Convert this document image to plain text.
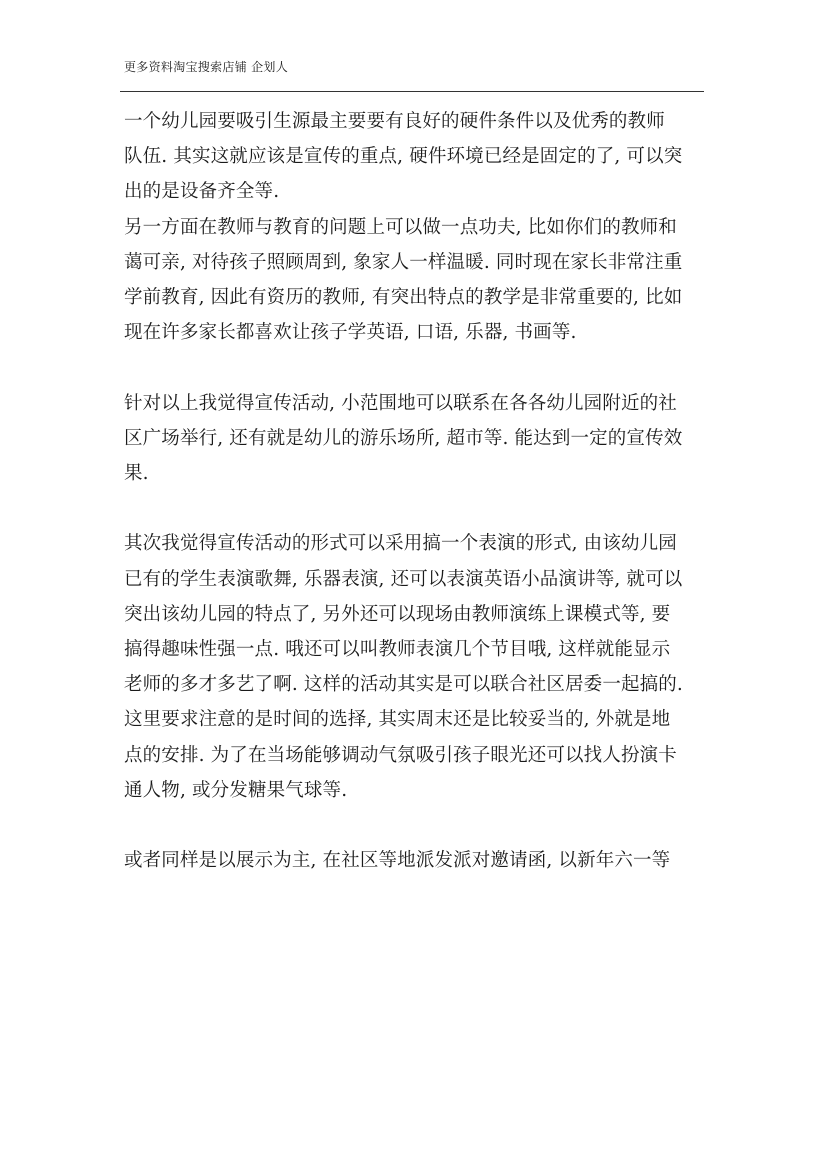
更多资料淘宝搜索店铺 企划人
一个幼儿园要吸引生源最主要要有良好的硬件条件以及优秀的教师
队伍. 其实这就应该是宣传的重点, 硬件环境已经是固定的了, 可以突
出的是设备齐全等.
另一方面在教师与教育的问题上可以做一点功夫, 比如你们的教师和
蔼可亲, 对待孩子照顾周到, 象家人一样温暖. 同时现在家长非常注重
学前教育, 因此有资历的教师, 有突出特点的教学是非常重要的, 比如
现在许多家长都喜欢让孩子学英语, 口语, 乐器, 书画等.
针对以上我觉得宣传活动, 小范围地可以联系在各各幼儿园附近的社
区广场举行, 还有就是幼儿的游乐场所, 超市等. 能达到一定的宣传效
果.
其次我觉得宣传活动的形式可以采用搞一个表演的形式, 由该幼儿园
已有的学生表演歌舞, 乐器表演, 还可以表演英语小品演讲等, 就可以
突出该幼儿园的特点了, 另外还可以现场由教师演练上课模式等, 要
搞得趣味性强一点. 哦还可以叫教师表演几个节目哦, 这样就能显示
老师的多才多艺了啊. 这样的活动其实是可以联合社区居委一起搞的.
这里要求注意的是时间的选择, 其实周末还是比较妥当的, 外就是地
点的安排. 为了在当场能够调动气氛吸引孩子眼光还可以找人扮演卡
通人物, 或分发糖果气球等.
或者同样是以展示为主, 在社区等地派发派对邀请函, 以新年六一等
